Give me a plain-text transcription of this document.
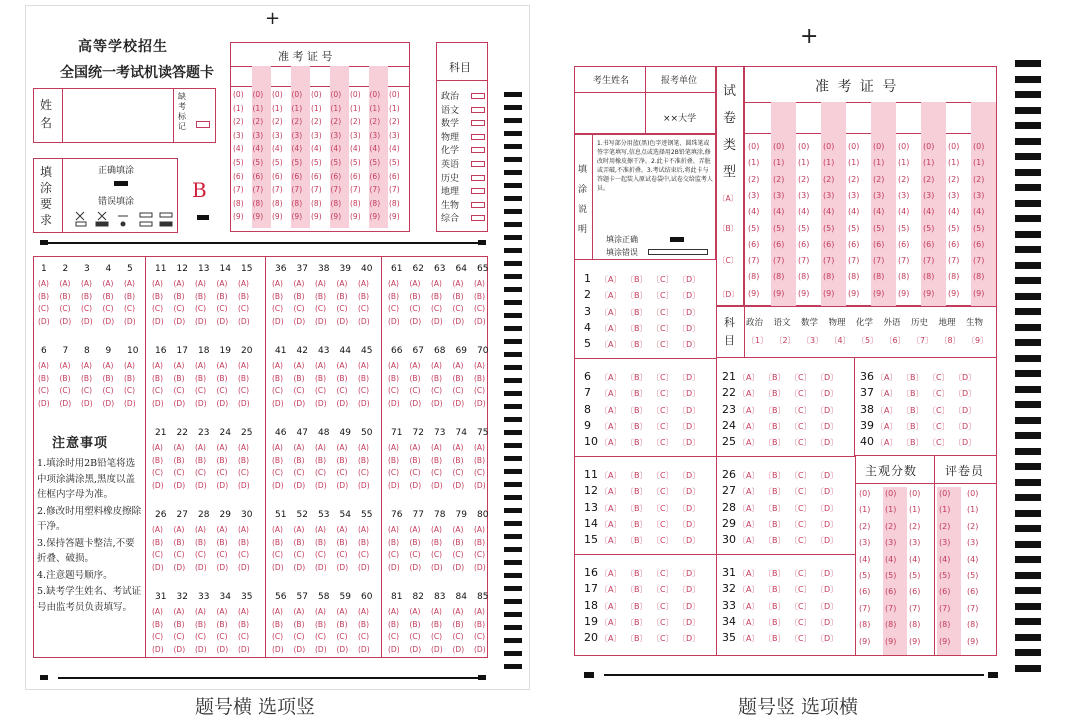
+
高等学校招生
全国统一考试机读答题卡
姓名
缺考标记
填涂要求
正确填涂
错误填涂	B
准 考 证 号
(0)
(1)
(2)
(3)
(4)
(5)
(6)
(7)
(8)
(9)
(0)
(1)
(2)
(3)
(4)
(5)
(6)
(7)
(8)
(9)
(0)
(1)
(2)
(3)
(4)
(5)
(6)
(7)
(8)
(9)
(0)
(1)
(2)
(3)
(4)
(5)
(6)
(7)
(8)
(9)
(0)
(1)
(2)
(3)
(4)
(5)
(6)
(7)
(8)
(9)
(0)
(1)
(2)
(3)
(4)
(5)
(6)
(7)
(8)
(9)
(0)
(1)
(2)
(3)
(4)
(5)
(6)
(7)
(8)
(9)
(0)
(1)
(2)
(3)
(4)
(5)
(6)
(7)
(8)
(9)
(0)
(1)
(2)
(3)
(4)
(5)
(6)
(7)
(8)
(9)
科目
政治
语文
数学
物理
化学
英语
历史
地理
生物
综合
1
(A)
(B)
(C)
(D)
2
(A)
(B)
(C)
(D)
3
(A)
(B)
(C)
(D)
4
(A)
(B)
(C)
(D)
5
(A)
(B)
(C)
(D)
6
(A)
(B)
(C)
(D)
7
(A)
(B)
(C)
(D)
8
(A)
(B)
(C)
(D)
9
(A)
(B)
(C)
(D)
10
(A)
(B)
(C)
(D)
11
(A)
(B)
(C)
(D)
12
(A)
(B)
(C)
(D)
13
(A)
(B)
(C)
(D)
14
(A)
(B)
(C)
(D)
15
(A)
(B)
(C)
(D)
16
(A)
(B)
(C)
(D)
17
(A)
(B)
(C)
(D)
18
(A)
(B)
(C)
(D)
19
(A)
(B)
(C)
(D)
20
(A)
(B)
(C)
(D)
21
(A)
(B)
(C)
(D)
22
(A)
(B)
(C)
(D)
23
(A)
(B)
(C)
(D)
24
(A)
(B)
(C)
(D)
25
(A)
(B)
(C)
(D)
26
(A)
(B)
(C)
(D)
27
(A)
(B)
(C)
(D)
28
(A)
(B)
(C)
(D)
29
(A)
(B)
(C)
(D)
30
(A)
(B)
(C)
(D)
31
(A)
(B)
(C)
(D)
32
(A)
(B)
(C)
(D)
33
(A)
(B)
(C)
(D)
34
(A)
(B)
(C)
(D)
35
(A)
(B)
(C)
(D)
36
(A)
(B)
(C)
(D)
37
(A)
(B)
(C)
(D)
38
(A)
(B)
(C)
(D)
39
(A)
(B)
(C)
(D)
40
(A)
(B)
(C)
(D)
41
(A)
(B)
(C)
(D)
42
(A)
(B)
(C)
(D)
43
(A)
(B)
(C)
(D)
44
(A)
(B)
(C)
(D)
45
(A)
(B)
(C)
(D)
46
(A)
(B)
(C)
(D)
47
(A)
(B)
(C)
(D)
48
(A)
(B)
(C)
(D)
49
(A)
(B)
(C)
(D)
50
(A)
(B)
(C)
(D)
51
(A)
(B)
(C)
(D)
52
(A)
(B)
(C)
(D)
53
(A)
(B)
(C)
(D)
54
(A)
(B)
(C)
(D)
55
(A)
(B)
(C)
(D)
56
(A)
(B)
(C)
(D)
57
(A)
(B)
(C)
(D)
58
(A)
(B)
(C)
(D)
59
(A)
(B)
(C)
(D)
60
(A)
(B)
(C)
(D)
61
(A)
(B)
(C)
(D)
62
(A)
(B)
(C)
(D)
63
(A)
(B)
(C)
(D)
64
(A)
(B)
(C)
(D)
65
(A)
(B)
(C)
(D)
66
(A)
(B)
(C)
(D)
67
(A)
(B)
(C)
(D)
68
(A)
(B)
(C)
(D)
69
(A)
(B)
(C)
(D)
70
(A)
(B)
(C)
(D)
71
(A)
(B)
(C)
(D)
72
(A)
(B)
(C)
(D)
73
(A)
(B)
(C)
(D)
74
(A)
(B)
(C)
(D)
75
(A)
(B)
(C)
(D)
76
(A)
(B)
(C)
(D)
77
(A)
(B)
(C)
(D)
78
(A)
(B)
(C)
(D)
79
(A)
(B)
(C)
(D)
80
(A)
(B)
(C)
(D)
81
(A)
(B)
(C)
(D)
82
(A)
(B)
(C)
(D)
83
(A)
(B)
(C)
(D)
84
(A)
(B)
(C)
(D)
85
(A)
(B)
(C)
(D)
注意事项
1.填涂时用2B铅笔将选中项涂满涂黑,黑度以盖住框内字母为准。
2.修改时用塑料橡皮擦除干净。
3.保持答题卡整洁,不要折叠、破损。
4.注意题号顺序。
5.缺考学生姓名、考试证号由监考员负责填写。
题号横 选项竖
+
考生姓名	报考单位
××大学
试卷类型
〔A〕
〔B〕
〔C〕
〔D〕
准 考 证 号
(0)
(1)
(2)
(3)
(4)
(5)
(6)
(7)
(8)
(9)
(0)
(1)
(2)
(3)
(4)
(5)
(6)
(7)
(8)
(9)
(0)
(1)
(2)
(3)
(4)
(5)
(6)
(7)
(8)
(9)
(0)
(1)
(2)
(3)
(4)
(5)
(6)
(7)
(8)
(9)
(0)
(1)
(2)
(3)
(4)
(5)
(6)
(7)
(8)
(9)
(0)
(1)
(2)
(3)
(4)
(5)
(6)
(7)
(8)
(9)
(0)
(1)
(2)
(3)
(4)
(5)
(6)
(7)
(8)
(9)
(0)
(1)
(2)
(3)
(4)
(5)
(6)
(7)
(8)
(9)
(0)
(1)
(2)
(3)
(4)
(5)
(6)
(7)
(8)
(9)
(0)
(1)
(2)
(3)
(4)
(5)
(6)
(7)
(8)
(9)
填涂说明
1.书写部分用蓝(黑)色字迹钢笔、圆珠笔或签字笔填写,信息点或选择用2B铅笔填涂,修改时用橡皮擦干净。2.此卡不准折叠、弄脏或弄破,不准折叠。3.考试结束后,将此卡与答题卡一起装入原试卷袋中,试卷交给监考人员。
填涂正确
填涂错误
科目
政治
〔1〕
语文
〔2〕
数学
〔3〕
物理
〔4〕
化学
〔5〕
外语
〔6〕
历史
〔7〕
地理
〔8〕
生物
〔9〕
1 〔A〕 〔B〕 〔C〕 〔D〕
2 〔A〕 〔B〕 〔C〕 〔D〕
3 〔A〕 〔B〕 〔C〕 〔D〕
4 〔A〕 〔B〕 〔C〕 〔D〕
5 〔A〕 〔B〕 〔C〕 〔D〕
6 〔A〕 〔B〕 〔C〕 〔D〕
7 〔A〕 〔B〕 〔C〕 〔D〕
8 〔A〕 〔B〕 〔C〕 〔D〕
9 〔A〕 〔B〕 〔C〕 〔D〕
10 〔A〕 〔B〕 〔C〕 〔D〕
11 〔A〕 〔B〕 〔C〕 〔D〕
12 〔A〕 〔B〕 〔C〕 〔D〕
13 〔A〕 〔B〕 〔C〕 〔D〕
14 〔A〕 〔B〕 〔C〕 〔D〕
15 〔A〕 〔B〕 〔C〕 〔D〕
16 〔A〕 〔B〕 〔C〕 〔D〕
17 〔A〕 〔B〕 〔C〕 〔D〕
18 〔A〕 〔B〕 〔C〕 〔D〕
19 〔A〕 〔B〕 〔C〕 〔D〕
20 〔A〕 〔B〕 〔C〕 〔D〕
21 〔A〕 〔B〕 〔C〕 〔D〕
22 〔A〕 〔B〕 〔C〕 〔D〕
23 〔A〕 〔B〕 〔C〕 〔D〕
24 〔A〕 〔B〕 〔C〕 〔D〕
25 〔A〕 〔B〕 〔C〕 〔D〕
26 〔A〕 〔B〕 〔C〕 〔D〕
27 〔A〕 〔B〕 〔C〕 〔D〕
28 〔A〕 〔B〕 〔C〕 〔D〕
29 〔A〕 〔B〕 〔C〕 〔D〕
30 〔A〕 〔B〕 〔C〕 〔D〕
31 〔A〕 〔B〕 〔C〕 〔D〕
32 〔A〕 〔B〕 〔C〕 〔D〕
33 〔A〕 〔B〕 〔C〕 〔D〕
34 〔A〕 〔B〕 〔C〕 〔D〕
35 〔A〕 〔B〕 〔C〕 〔D〕
36 〔A〕 〔B〕 〔C〕 〔D〕
37 〔A〕 〔B〕 〔C〕 〔D〕
38 〔A〕 〔B〕 〔C〕 〔D〕
39 〔A〕 〔B〕 〔C〕 〔D〕
40 〔A〕 〔B〕 〔C〕 〔D〕
主观分数 评卷员
(0)
(1)
(2)
(3)
(4)
(5)
(6)
(7)
(8)
(9)
(0)
(1)
(2)
(3)
(4)
(5)
(6)
(7)
(8)
(9)
(0)
(1)
(2)
(3)
(4)
(5)
(6)
(7)
(8)
(9)
(0)
(1)
(2)
(3)
(4)
(5)
(6)
(7)
(8)
(9)
(0)
(1)
(2)
(3)
(4)
(5)
(6)
(7)
(8)
(9)
题号竖 选项横
